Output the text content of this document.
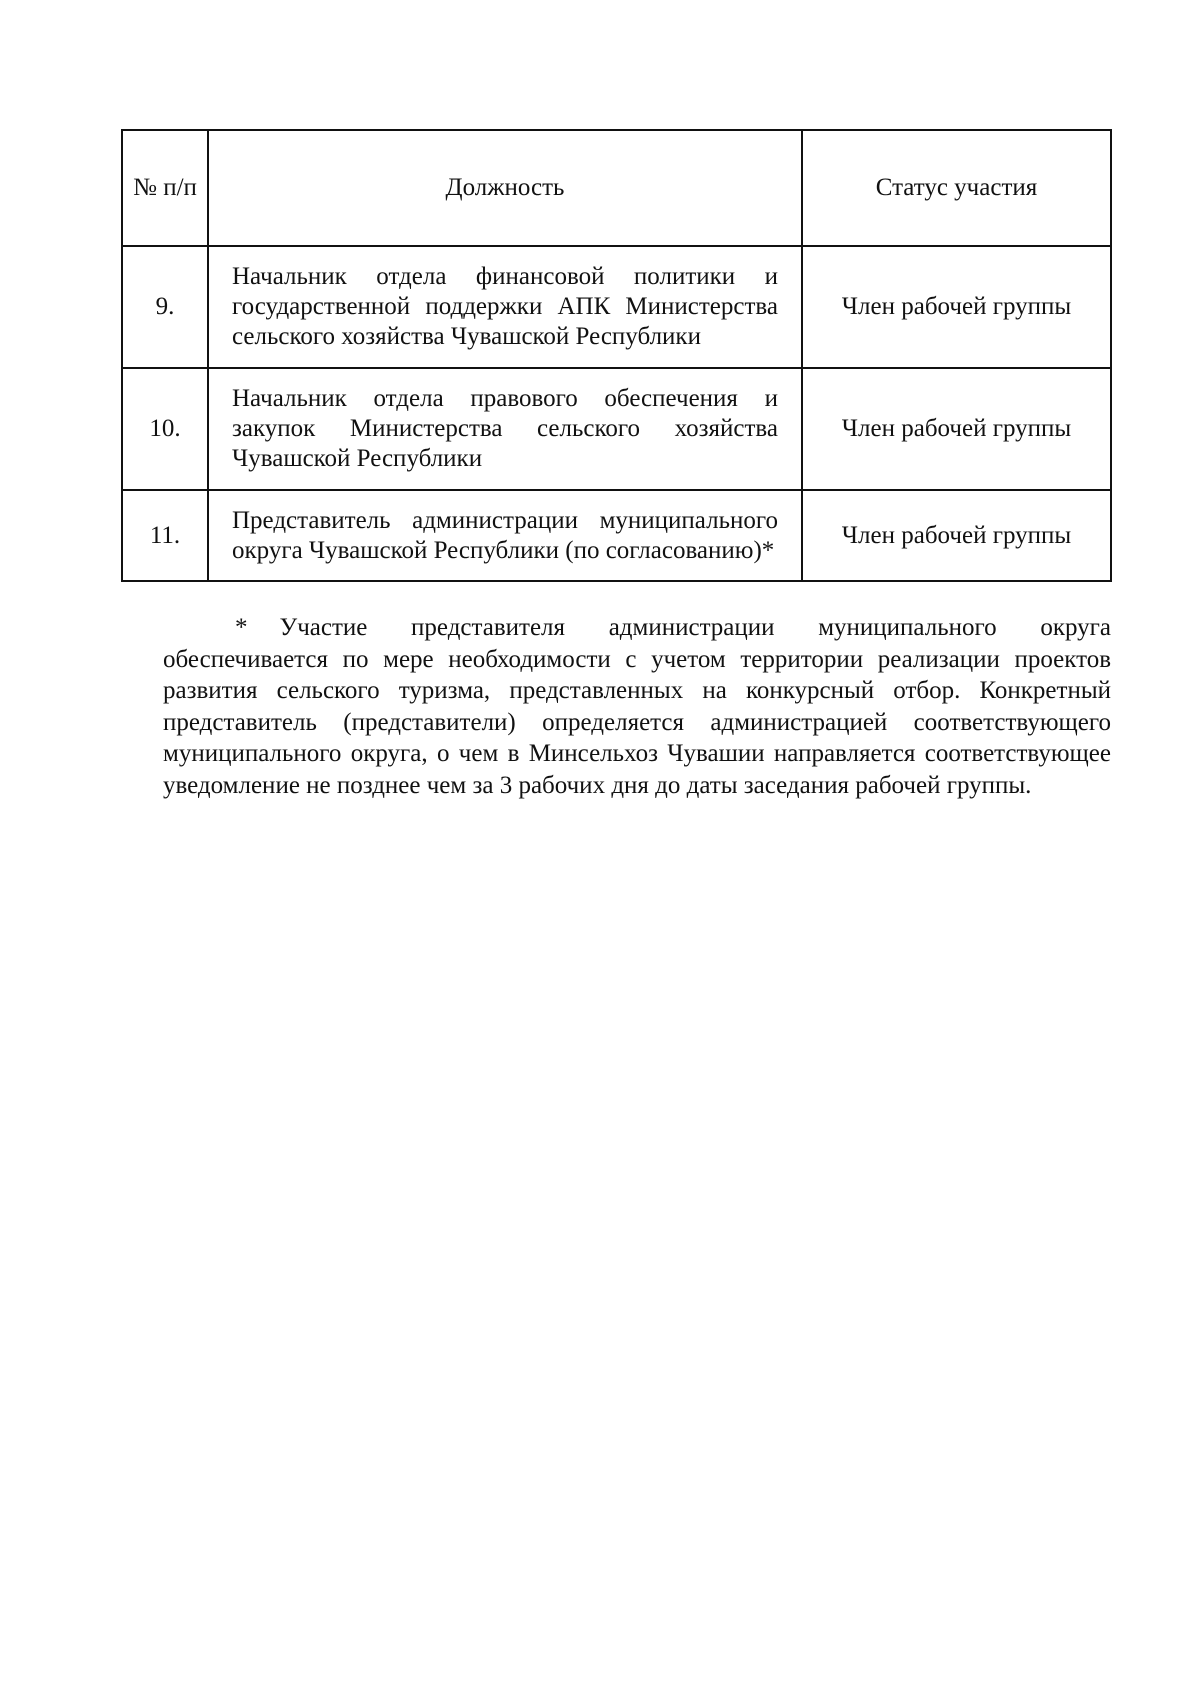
№ п/п	Должность	Статус участия
9.	Начальник отдела финансовой политики и государственной поддержки АПК Министерства сельского хозяйства Чувашской Республики	Член рабочей группы
10.	Начальник отдела правового обеспечения и закупок Министерства сельского хозяйства Чувашской Республики	Член рабочей группы
11.	Представитель администрации муниципального округа Чувашской Республики (по согласованию)*	Член рабочей группы

* Участие представителя администрации муниципального округа обеспечивается по мере необходимости с учетом территории реализации проектов развития сельского туризма, представленных на конкурсный отбор. Конкретный представитель (представители) определяется администрацией соответствующего муниципального округа, о чем в Минсельхоз Чувашии направляется соответствующее уведомление не позднее чем за 3 рабочих дня до даты заседания рабочей группы.
